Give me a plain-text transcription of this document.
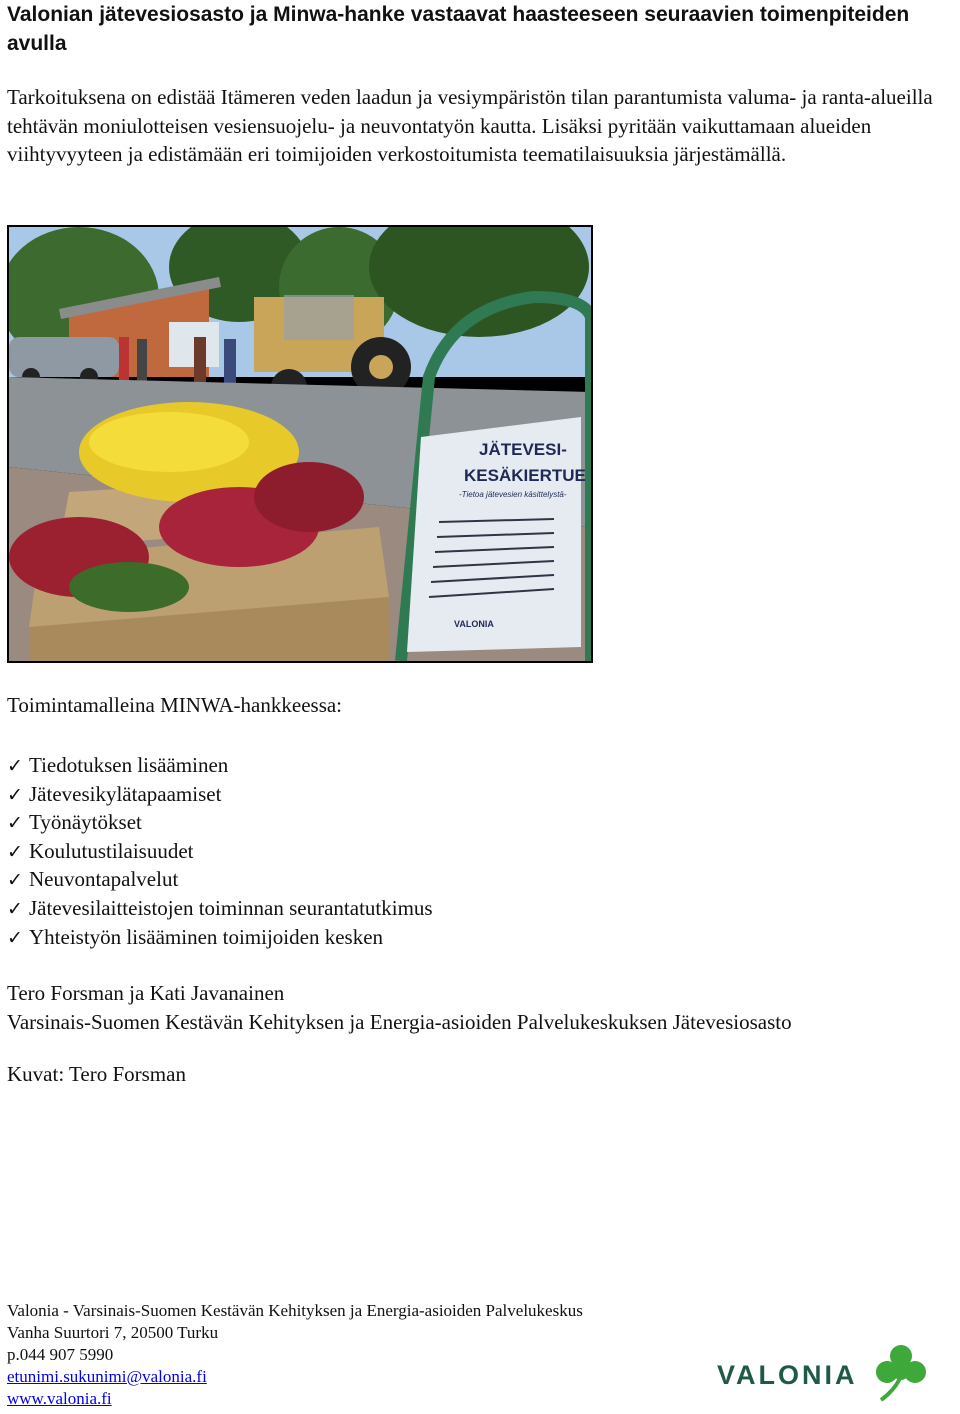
Valonian jätevesiosasto ja Minwa-hanke vastaavat haasteeseen seuraavien toimenpiteiden avulla

Tarkoituksena on edistää Itämeren veden laadun ja vesiympäristön tilan parantumista valuma- ja ranta-alueilla tehtävän moniulotteisen vesiensuojelu- ja neuvontatyön kautta. Lisäksi pyritään vaikuttamaan alueiden viihtyvyyteen ja edistämään eri toimijoiden verkostoitumista teematilaisuuksia järjestämällä.

JÄTEVESI-
KESÄKIERTUE
-Tietoa jätevesien käsittelystä-
VALONIA

Toimintamalleina MINWA-hankkeessa:

✓ Tiedotuksen lisääminen
✓ Jätevesikylätapaamiset
✓ Työnäytökset
✓ Koulutustilaisuudet
✓ Neuvontapalvelut
✓ Jätevesilaitteistojen toiminnan seurantatutkimus
✓ Yhteistyön lisääminen toimijoiden kesken
Tero Forsman ja Kati Javanainen
Varsinais-Suomen Kestävän Kehityksen ja Energia-asioiden Palvelukeskuksen Jätevesiosasto

Kuvat: Tero Forsman

Valonia - Varsinais-Suomen Kestävän Kehityksen ja Energia-asioiden Palvelukeskus
Vanha Suurtori 7, 20500 Turku
p.044 907 5990
etunimi.sukunimi@valonia.fi
www.valonia.fi
VALONIA
